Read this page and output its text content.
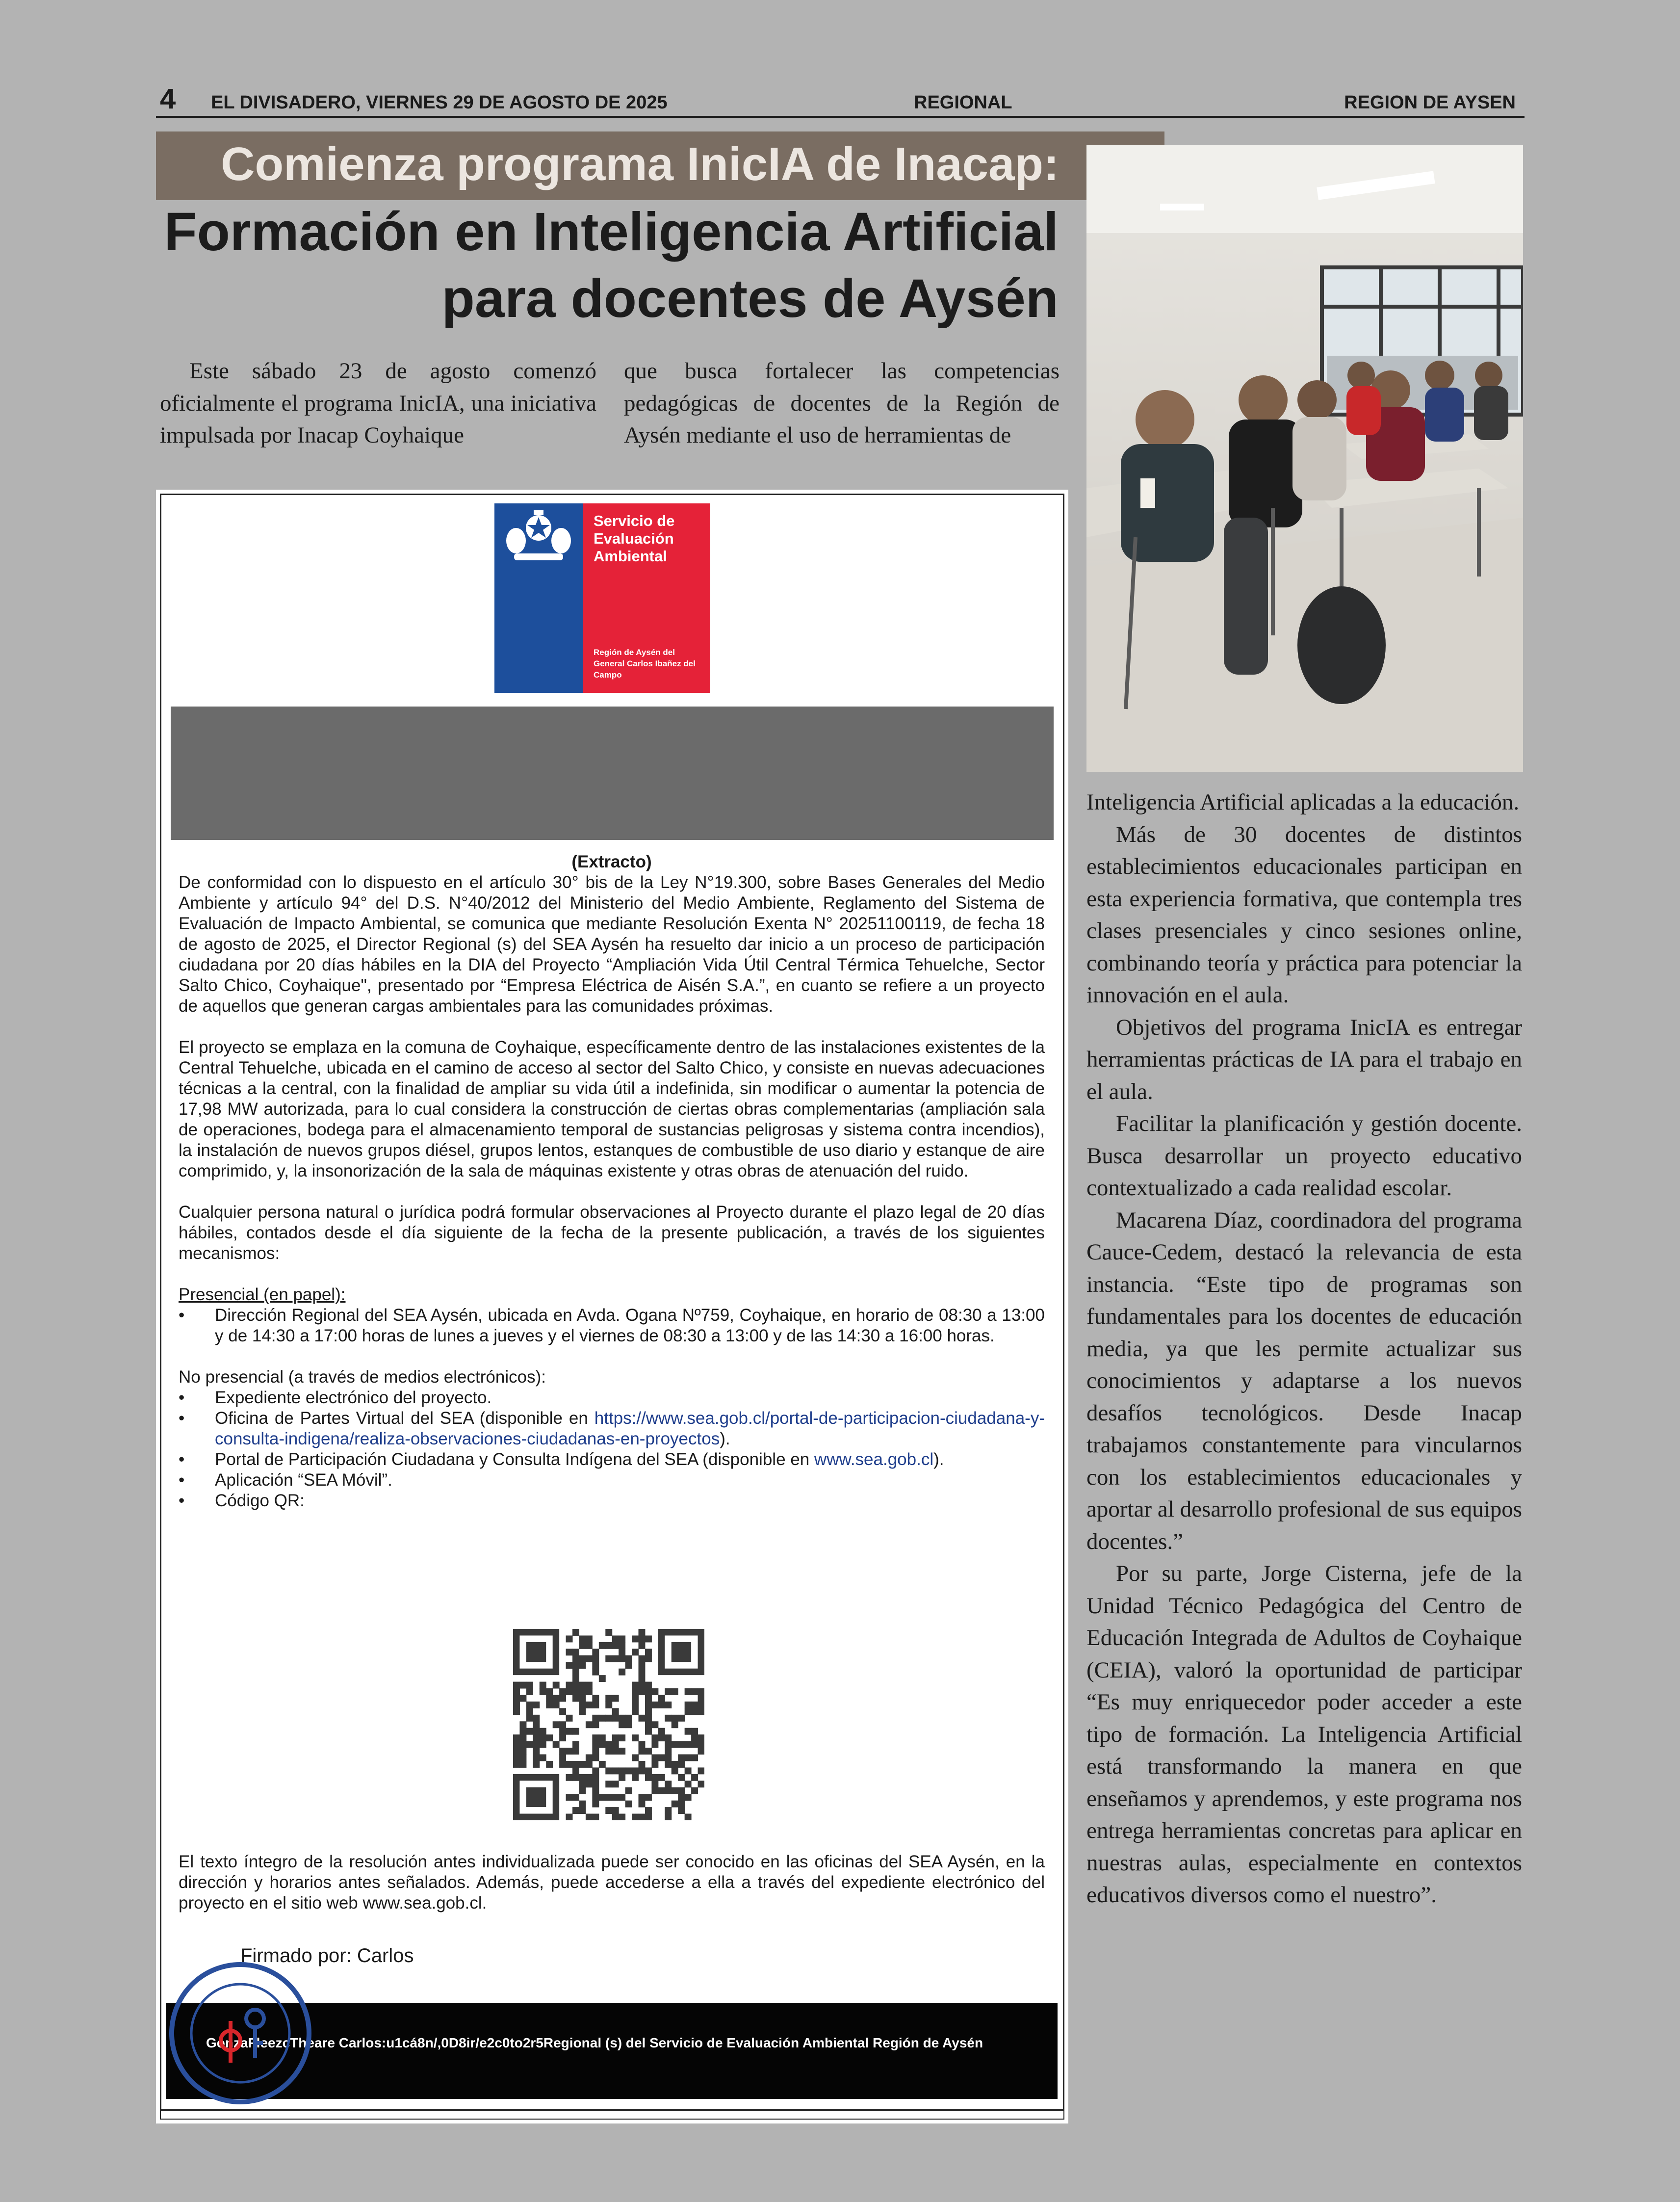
4 EL DIVISADERO, VIERNES 29 DE AGOSTO DE 2025	REGIONAL	REGION DE AYSEN
Comienza programa InicIA de Inacap:
Formación en Inteligencia Artificial
para docentes de Aysén

Este sábado 23 de agosto comenzó oficialmente el programa InicIA, una iniciativa impulsada por Inacap Coyhaique

que busca fortalecer las competencias pedagógicas de docentes de la Región de Aysén mediante el uso de herramientas de

Inteligencia Artificial aplicadas a la educación.

Más de 30 docentes de distintos establecimientos educacionales participan en esta experiencia formativa, que contempla tres clases presenciales y cinco sesiones online, combinando teoría y práctica para potenciar la innovación en el aula.

Objetivos del programa InicIA es entregar herramientas prácticas de IA para el trabajo en el aula.

Facilitar la planificación y gestión docente. Busca desarrollar un proyecto educativo contextualizado a cada realidad escolar.

Macarena Díaz, coordinadora del programa Cauce-Cedem, destacó la relevancia de esta instancia. “Este tipo de programas son fundamentales para los docentes de educación media, ya que les permite actualizar sus conocimientos y adaptarse a los nuevos desafíos tecnológicos. Desde Inacap trabajamos constantemente para vincularnos con los establecimientos educacionales y aportar al desarrollo profesional de sus equipos docentes.”

Por su parte, Jorge Cisterna, jefe de la Unidad Técnico Pedagógica del Centro de Educación Integrada de Adultos de Coyhaique (CEIA), valoró la oportunidad de participar “Es muy enriquecedor poder acceder a este tipo de formación. La Inteligencia Artificial está transformando la manera en que enseñamos y aprendemos, y este programa nos entrega herramientas concretas para aplicar en nuestras aulas, especialmente en contextos educativos diversos como el nuestro”.

Servicio de Evaluación Ambiental
Región de Aysén del General Carlos Ibañez del Campo

(Extracto)

De conformidad con lo dispuesto en el artículo 30° bis de la Ley N°19.300, sobre Bases Generales del Medio Ambiente y artículo 94° del D.S. N°40/2012 del Ministerio del Medio Ambiente, Reglamento del Sistema de Evaluación de Impacto Ambiental, se comunica que mediante Resolución Exenta N° 20251100119, de fecha 18 de agosto de 2025, el Director Regional (s) del SEA Aysén ha resuelto dar inicio a un proceso de participación ciudadana por 20 días hábiles en la DIA del Proyecto “Ampliación Vida Útil Central Térmica Tehuelche, Sector Salto Chico, Coyhaique", presentado por “Empresa Eléctrica de Aisén S.A.”, en cuanto se refiere a un proyecto de aquellos que generan cargas ambientales para las comunidades próximas.

El proyecto se emplaza en la comuna de Coyhaique, específicamente dentro de las instalaciones existentes de la Central Tehuelche, ubicada en el camino de acceso al sector del Salto Chico, y consiste en nuevas adecuaciones técnicas a la central, con la finalidad de ampliar su vida útil a indefinida, sin modificar o aumentar la potencia de 17,98 MW autorizada, para lo cual considera la construcción de ciertas obras complementarias (ampliación sala de operaciones, bodega para el almacenamiento temporal de sustancias peligrosas y sistema contra incendios), la instalación de nuevos grupos diésel, grupos lentos, estanques de combustible de uso diario y estanque de aire comprimido, y, la insonorización de la sala de máquinas existente y otras obras de atenuación del ruido.

Cualquier persona natural o jurídica podrá formular observaciones al Proyecto durante el plazo legal de 20 días hábiles, contados desde el día siguiente de la fecha de la presente publicación, a través de los siguientes mecanismos:

Presencial (en papel):

• Dirección Regional del SEA Aysén, ubicada en Avda. Ogana Nº759, Coyhaique, en horario de 08:30 a 13:00 y de 14:30 a 17:00 horas de lunes a jueves y el viernes de 08:30 a 13:00 y de las 14:30 a 16:00 horas.

No presencial (a través de medios electrónicos):

• Expediente electrónico del proyecto.
• Oficina de Partes Virtual del SEA (disponible en https://www.sea.gob.cl/portal-de-participacion-ciudadana-y-consulta-indigena/realiza-observaciones-ciudadanas-en-proyectos).
• Portal de Participación Ciudadana y Consulta Indígena del SEA (disponible en www.sea.gob.cl).
• Aplicación “SEA Móvil”.
• Código QR:
El texto íntegro de la resolución antes individualizada puede ser conocido en las oficinas del SEA Aysén, en la dirección y horarios antes señalados. Además, puede accederse a ella a través del expediente electrónico del proyecto en el sitio web www.sea.gob.cl.
Firmado por: Carlos
GonzaFleezcTheare Carlos:u1cá8n/,0D8ir/e2c0to2r5Regional (s) del Servicio de Evaluación Ambiental Región de Aysén
